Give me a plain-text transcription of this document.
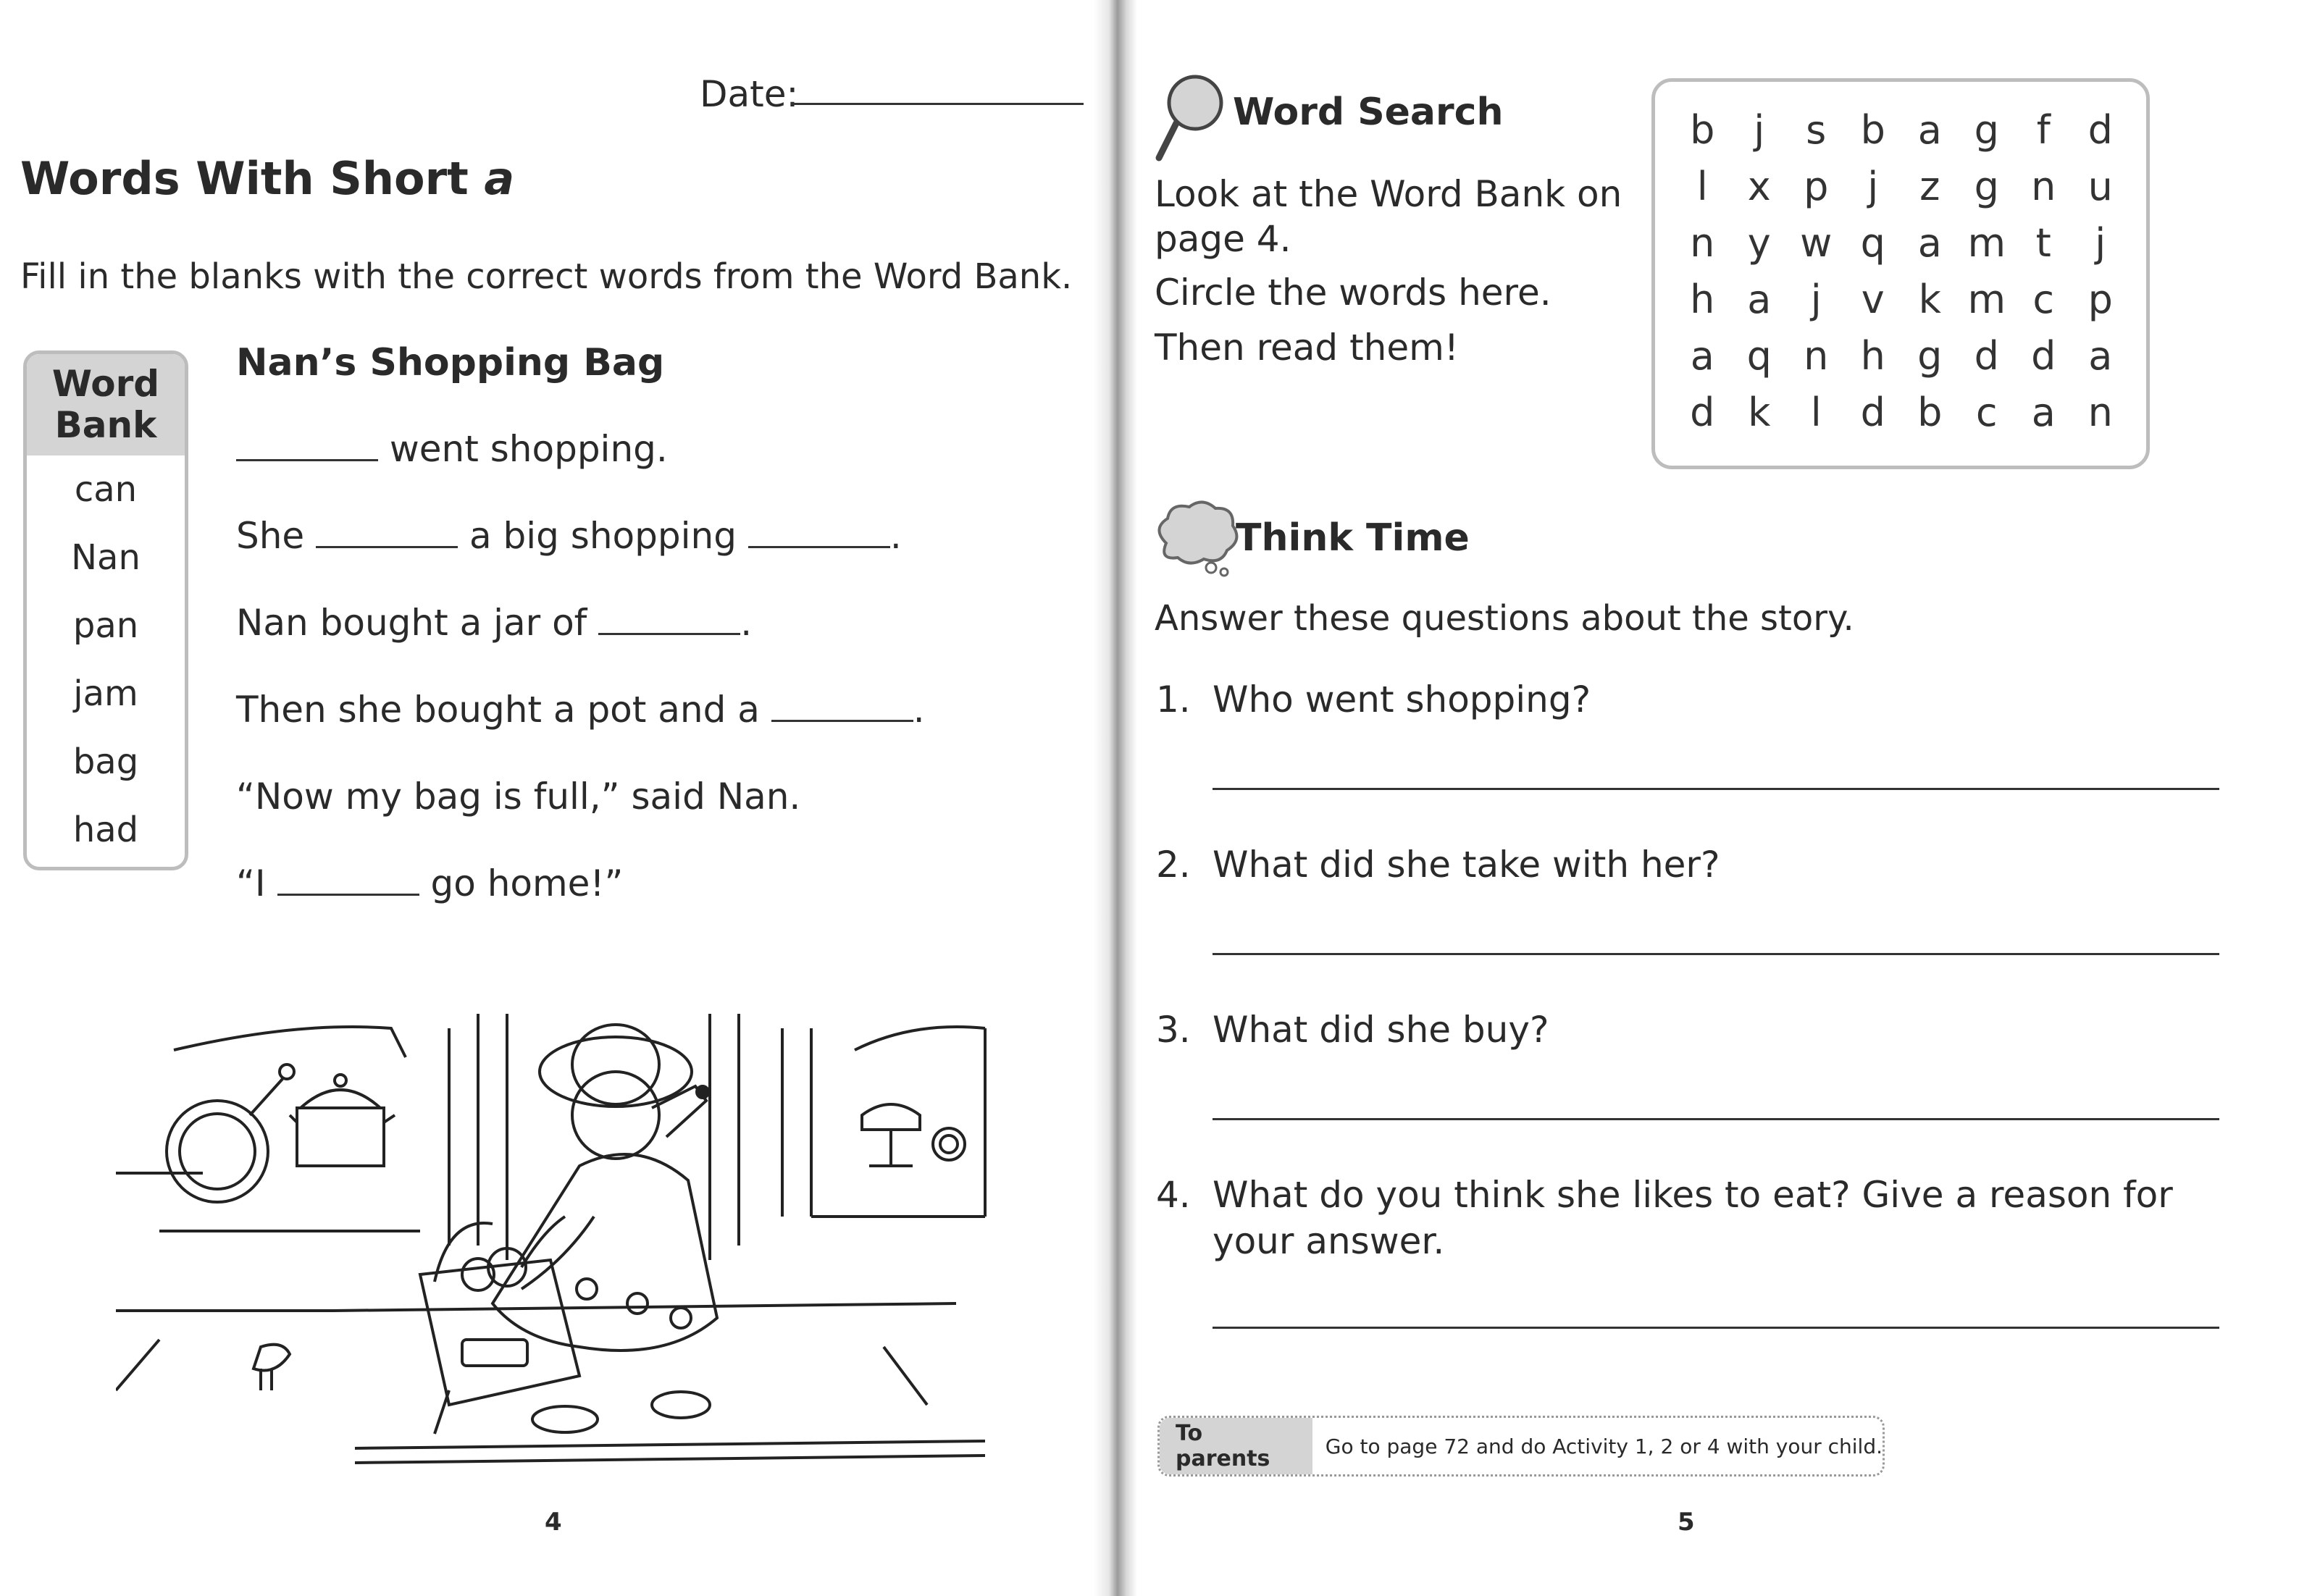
Date:
Words With Short a
Fill in the blanks with the correct words from the Word Bank.
Word
Bank
can
Nan
pan
jam
bag
had
Nan’s Shopping Bag
went shopping.
She	a big shopping	.
Nan bought a jar of	.
Then she bought a pot and a	.
“Now my bag is full,” said Nan.
“I	go home!”
4
Word Search
Look at the Word Bank on
page 4.
Circle the words here.
Then read them!
b j	s b a g f d
l	x p j	z g n u
n y w q a m t	j
h a	j	v k m c p
a q n h g d d a
d k	l d b c a n
Think Time
Answer these questions about the story.
1. Who went shopping?
2. What did she take with her?
3. What did she buy?
4. What do you think she likes to eat? Give a reason for
your answer.
To parents	Go to page 72 and do Activity 1, 2 or 4 with your child.
5
